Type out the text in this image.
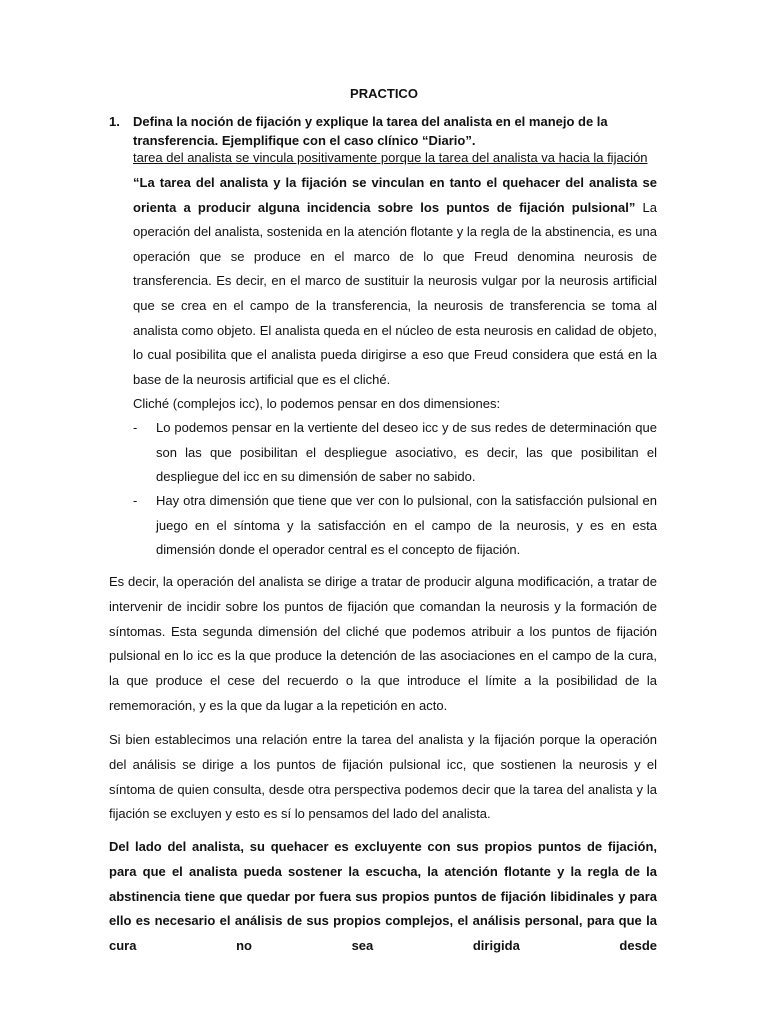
PRACTICO
1. Defina la noción de fijación y explique la tarea del analista en el manejo de la transferencia. Ejemplifique con el caso clínico “Diario”.
tarea del analista se vincula positivamente porque la tarea del analista va hacia la fijación
“La tarea del analista y la fijación se vinculan en tanto el quehacer del analista se orienta a producir alguna incidencia sobre los puntos de fijación pulsional” La operación del analista, sostenida en la atención flotante y la regla de la abstinencia, es una operación que se produce en el marco de lo que Freud denomina neurosis de transferencia. Es decir, en el marco de sustituir la neurosis vulgar por la neurosis artificial que se crea en el campo de la transferencia, la neurosis de transferencia se toma al analista como objeto. El analista queda en el núcleo de esta neurosis en calidad de objeto, lo cual posibilita que el analista pueda dirigirse a eso que Freud considera que está en la base de la neurosis artificial que es el cliché.
Cliché (complejos icc), lo podemos pensar en dos dimensiones:
- Lo podemos pensar en la vertiente del deseo icc y de sus redes de determinación que son las que posibilitan el despliegue asociativo, es decir, las que posibilitan el despliegue del icc en su dimensión de saber no sabido.
- Hay otra dimensión que tiene que ver con lo pulsional, con la satisfacción pulsional en juego en el síntoma y la satisfacción en el campo de la neurosis, y es en esta dimensión donde el operador central es el concepto de fijación.
Es decir, la operación del analista se dirige a tratar de producir alguna modificación, a tratar de intervenir de incidir sobre los puntos de fijación que comandan la neurosis y la formación de síntomas. Esta segunda dimensión del cliché que podemos atribuir a los puntos de fijación pulsional en lo icc es la que produce la detención de las asociaciones en el campo de la cura, la que produce el cese del recuerdo o la que introduce el límite a la posibilidad de la rememoración, y es la que da lugar a la repetición en acto.
Si bien establecimos una relación entre la tarea del analista y la fijación porque la operación del análisis se dirige a los puntos de fijación pulsional icc, que sostienen la neurosis y el síntoma de quien consulta, desde otra perspectiva podemos decir que la tarea del analista y la fijación se excluyen y esto es sí lo pensamos del lado del analista.
Del lado del analista, su quehacer es excluyente con sus propios puntos de fijación, para que el analista pueda sostener la escucha, la atención flotante y la regla de la abstinencia tiene que quedar por fuera sus propios puntos de fijación libidinales y para ello es necesario el análisis de sus propios complejos, el análisis personal, para que la cura no sea dirigida desde
